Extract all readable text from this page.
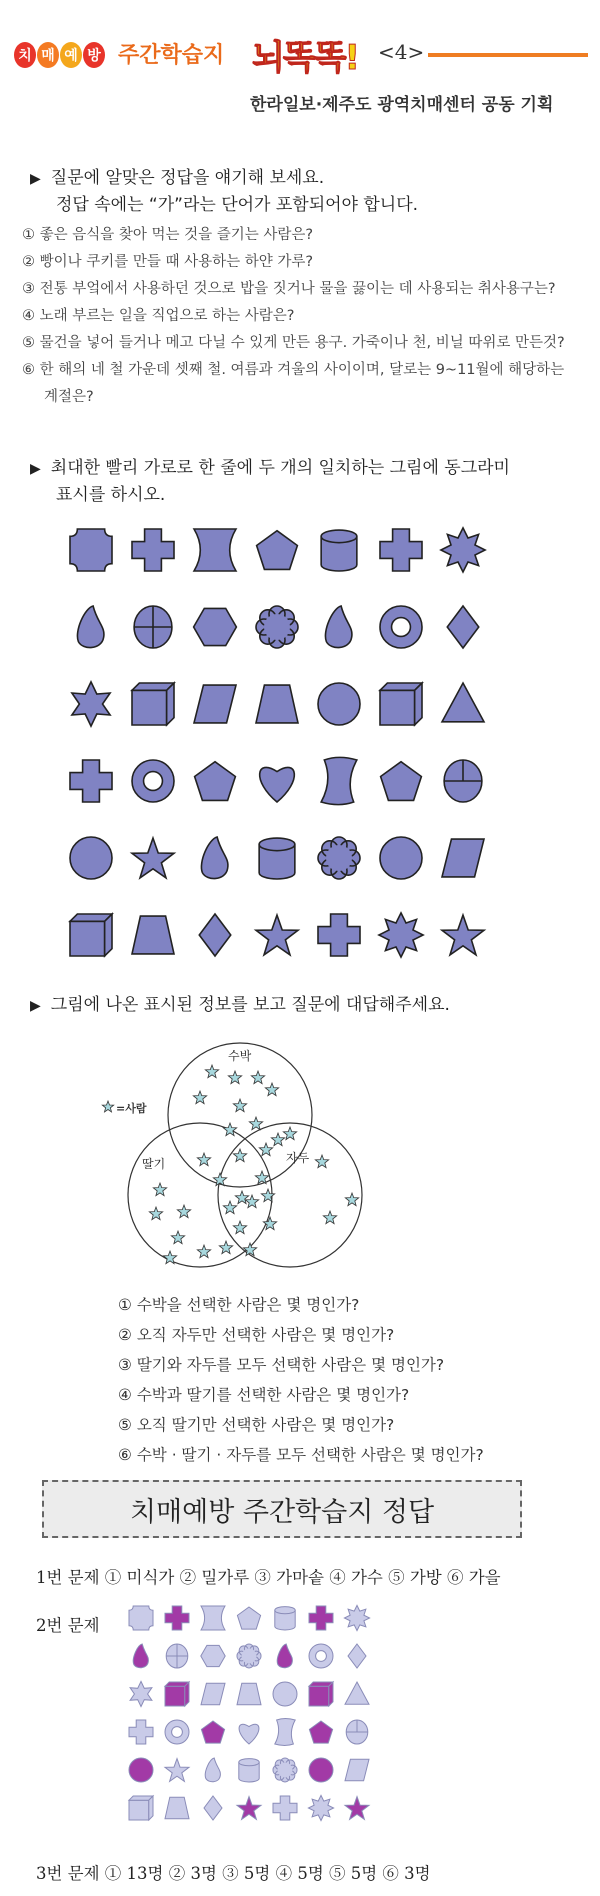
치 매 예 방 주간학습지 뇌똑똑! <4>
한라일보·제주도 광역치매센터 공동 기획
▶ 질문에 알맞은 정답을 얘기해 보세요.
정답 속에는 “가”라는 단어가 포함되어야 합니다.
① 좋은 음식을 찾아 먹는 것을 즐기는 사람은?
② 빵이나 쿠키를 만들 때 사용하는 하얀 가루?
③ 전통 부엌에서 사용하던 것으로 밥을 짓거나 물을 끓이는 데 사용되는 취사용구는?
④ 노래 부르는 일을 직업으로 하는 사람은?
⑤ 물건을 넣어 들거나 메고 다닐 수 있게 만든 용구. 가죽이나 천, 비닐 따위로 만든것?
⑥ 한 해의 네 철 가운데 셋째 철. 여름과 겨울의 사이이며, 달로는 9~11월에 해당하는
계절은?
▶ 최대한 빨리 가로로 한 줄에 두 개의 일치하는 그림에 동그라미
표시를 하시오.
▶ 그림에 나온 표시된 정보를 보고 질문에 대답해주세요.
=사람
수박
딸기	자두
① 수박을 선택한 사람은 몇 명인가?
② 오직 자두만 선택한 사람은 몇 명인가?
③ 딸기와 자두를 모두 선택한 사람은 몇 명인가?
④ 수박과 딸기를 선택한 사람은 몇 명인가?
⑤ 오직 딸기만 선택한 사람은 몇 명인가?
⑥ 수박 · 딸기 · 자두를 모두 선택한 사람은 몇 명인가?
치매예방 주간학습지 정답
1번 문제 ① 미식가 ② 밀가루 ③ 가마솥 ④ 가수 ⑤ 가방 ⑥ 가을
2번 문제
3번 문제 ① 13명 ② 3명 ③ 5명 ④ 5명 ⑤ 5명 ⑥ 3명
